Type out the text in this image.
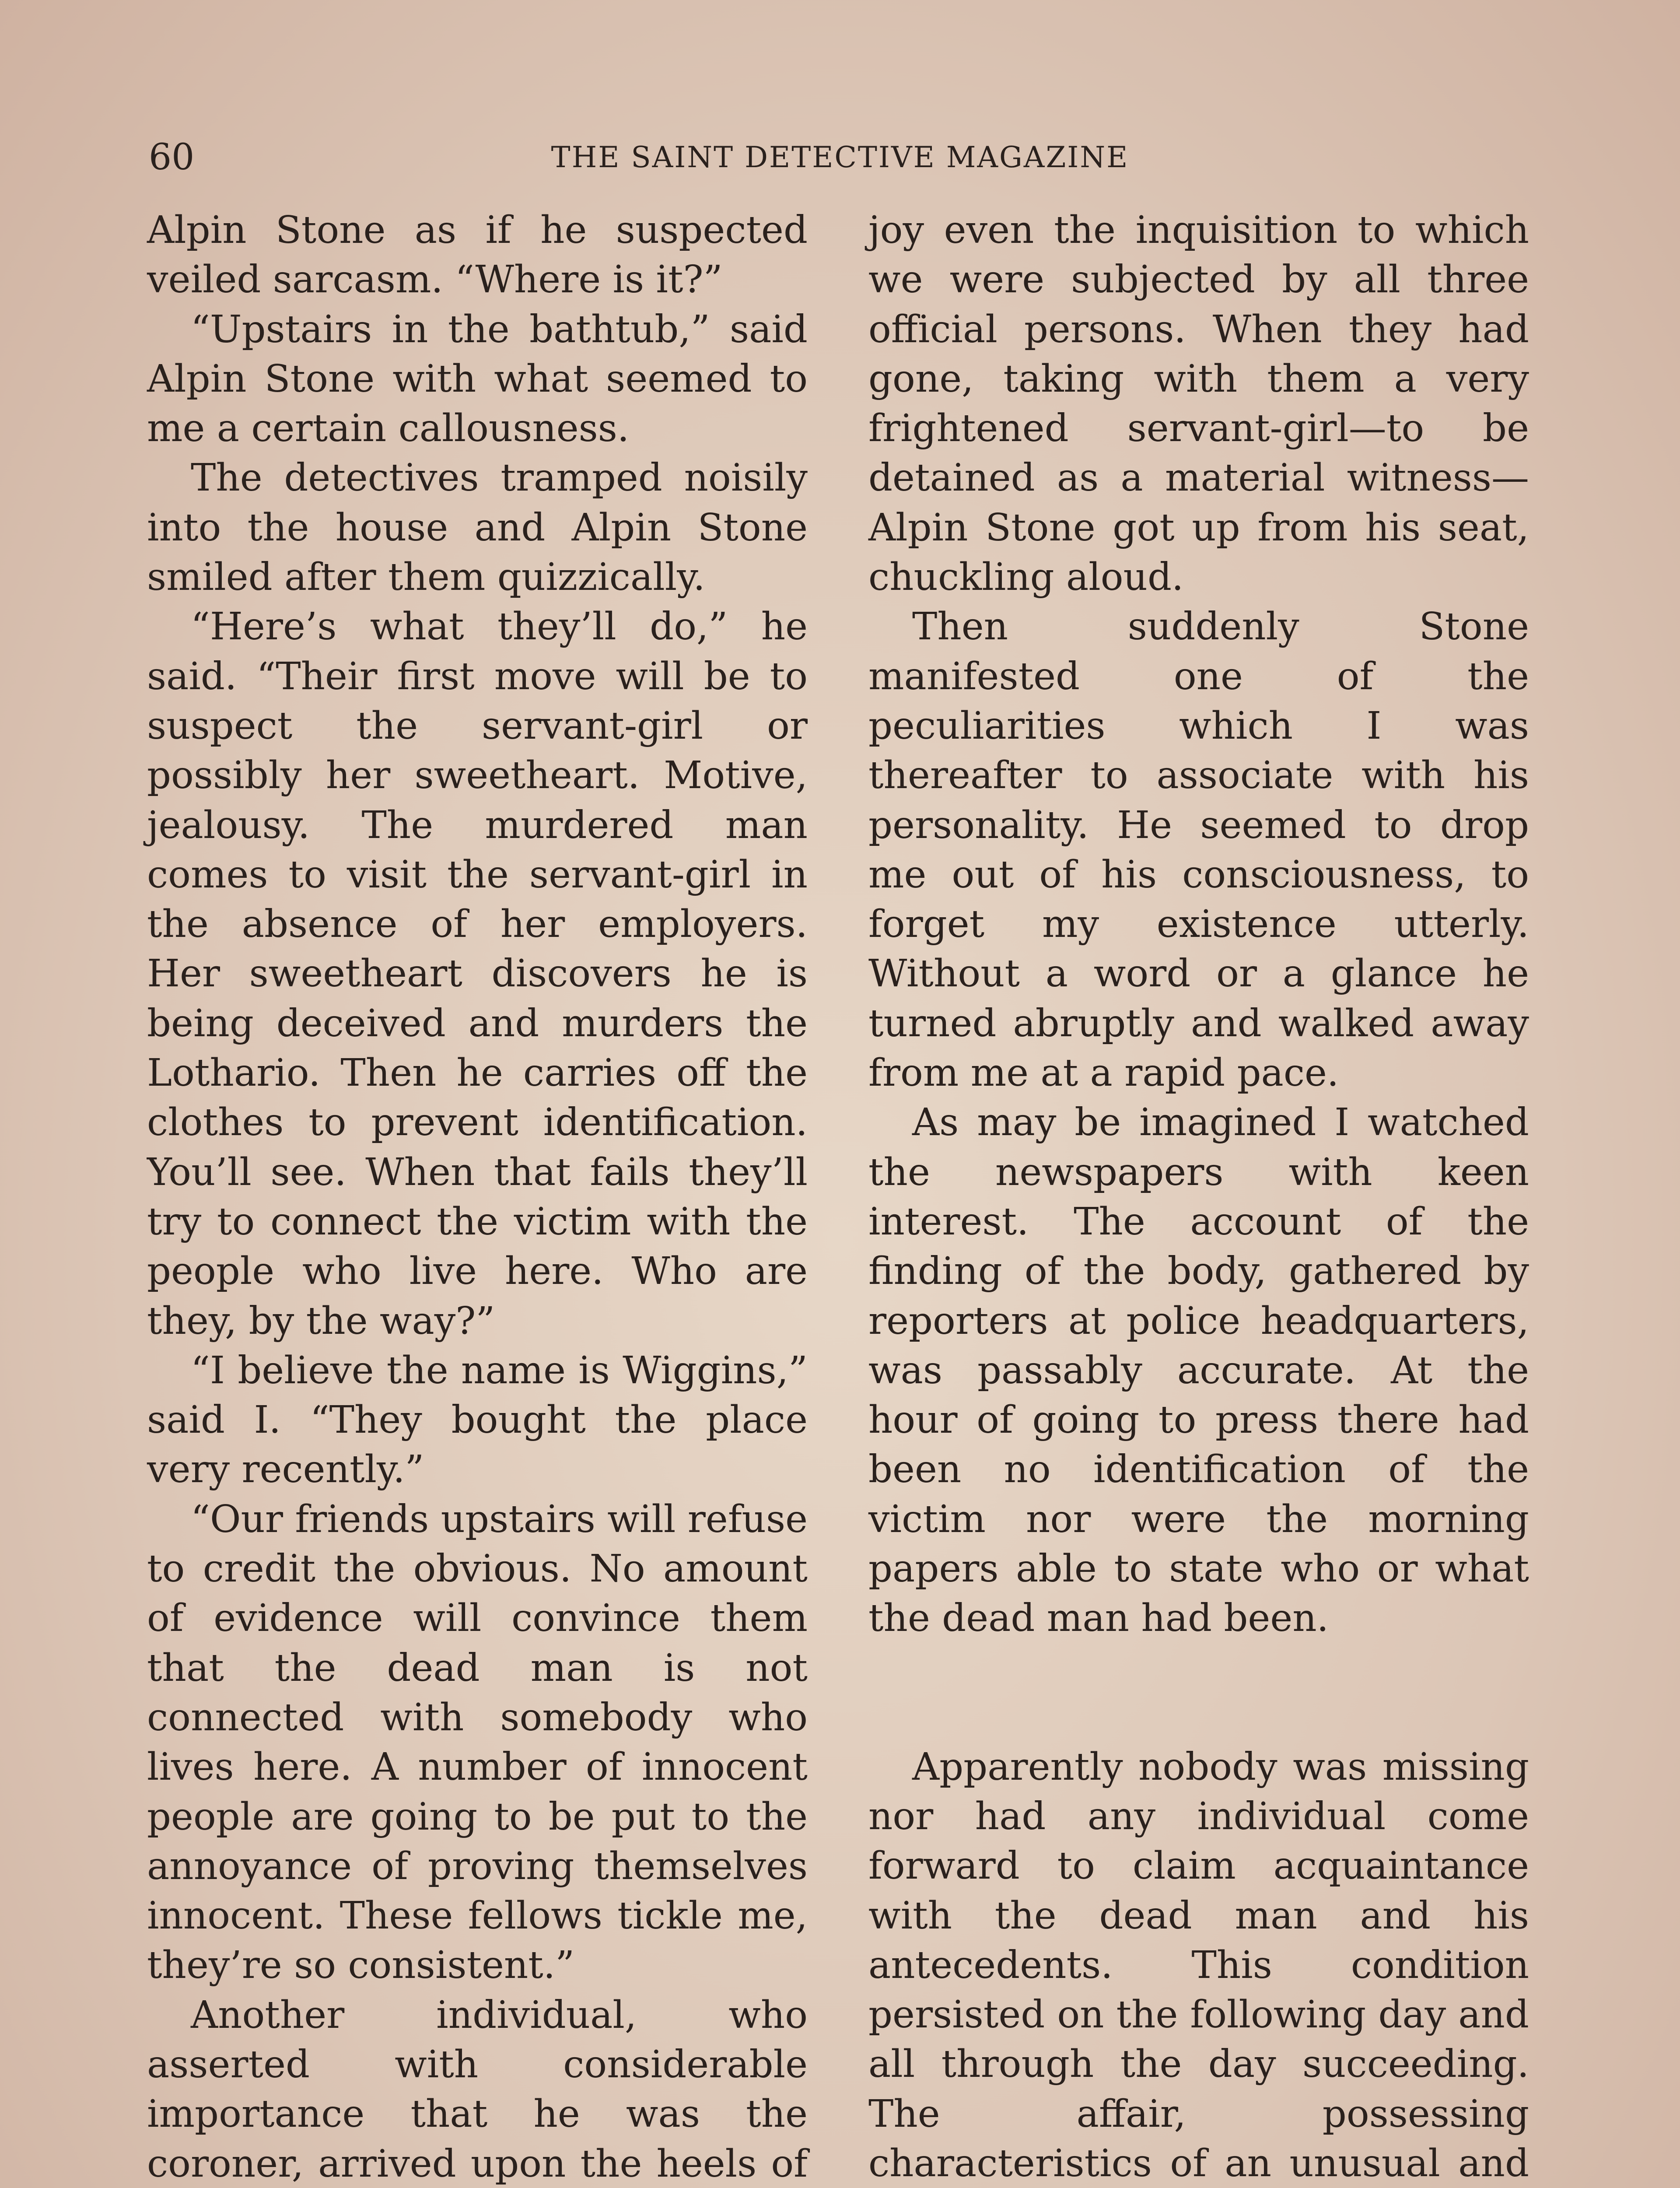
60	THE SAINT DETECTIVE MAGAZINE

Alpin Stone as if he suspected veiled sarcasm. “Where is it?”

“Upstairs in the bathtub,” said Alpin Stone with what seemed to me a certain callousness.

The detectives tramped noisily into the house and Alpin Stone smiled after them quizzically.

“Here’s what they’ll do,” he said. “Their first move will be to suspect the servant-girl or possibly her sweetheart. Motive, jealousy. The murdered man comes to visit the servant-girl in the absence of her employers. Her sweetheart discovers he is being deceived and murders the Lothario. Then he carries off the clothes to prevent identification. You’ll see. When that fails they’ll try to connect the victim with the people who live here. Who are they, by the way?”

“I believe the name is Wiggins,” said I. “They bought the place very recently.”

“Our friends upstairs will refuse to credit the obvious. No amount of evidence will convince them that the dead man is not connected with somebody who lives here. A number of innocent people are going to be put to the annoyance of proving themselves innocent. These fellows tickle me, they’re so consistent.”

Another individual, who asserted with considerable importance that he was the coroner, arrived upon the heels of

joy even the inquisition to which we were subjected by all three official persons. When they had gone, taking with them a very frightened servant-girl—to be detained as a material witness—Alpin Stone got up from his seat, chuckling aloud.

Then suddenly Stone manifested one of the peculiarities which I was thereafter to associate with his personality. He seemed to drop me out of his consciousness, to forget my existence utterly. Without a word or a glance he turned abruptly and walked away from me at a rapid pace.

As may be imagined I watched the newspapers with keen interest. The account of the finding of the body, gathered by reporters at police headquarters, was passably accurate. At the hour of going to press there had been no identification of the victim nor were the morning papers able to state who or what the dead man had been.

Apparently nobody was missing nor had any individual come forward to claim acquaintance with the dead man and his antecedents. This condition persisted on the following day and all through the day succeeding. The affair, possessing characteristics of an unusual and
